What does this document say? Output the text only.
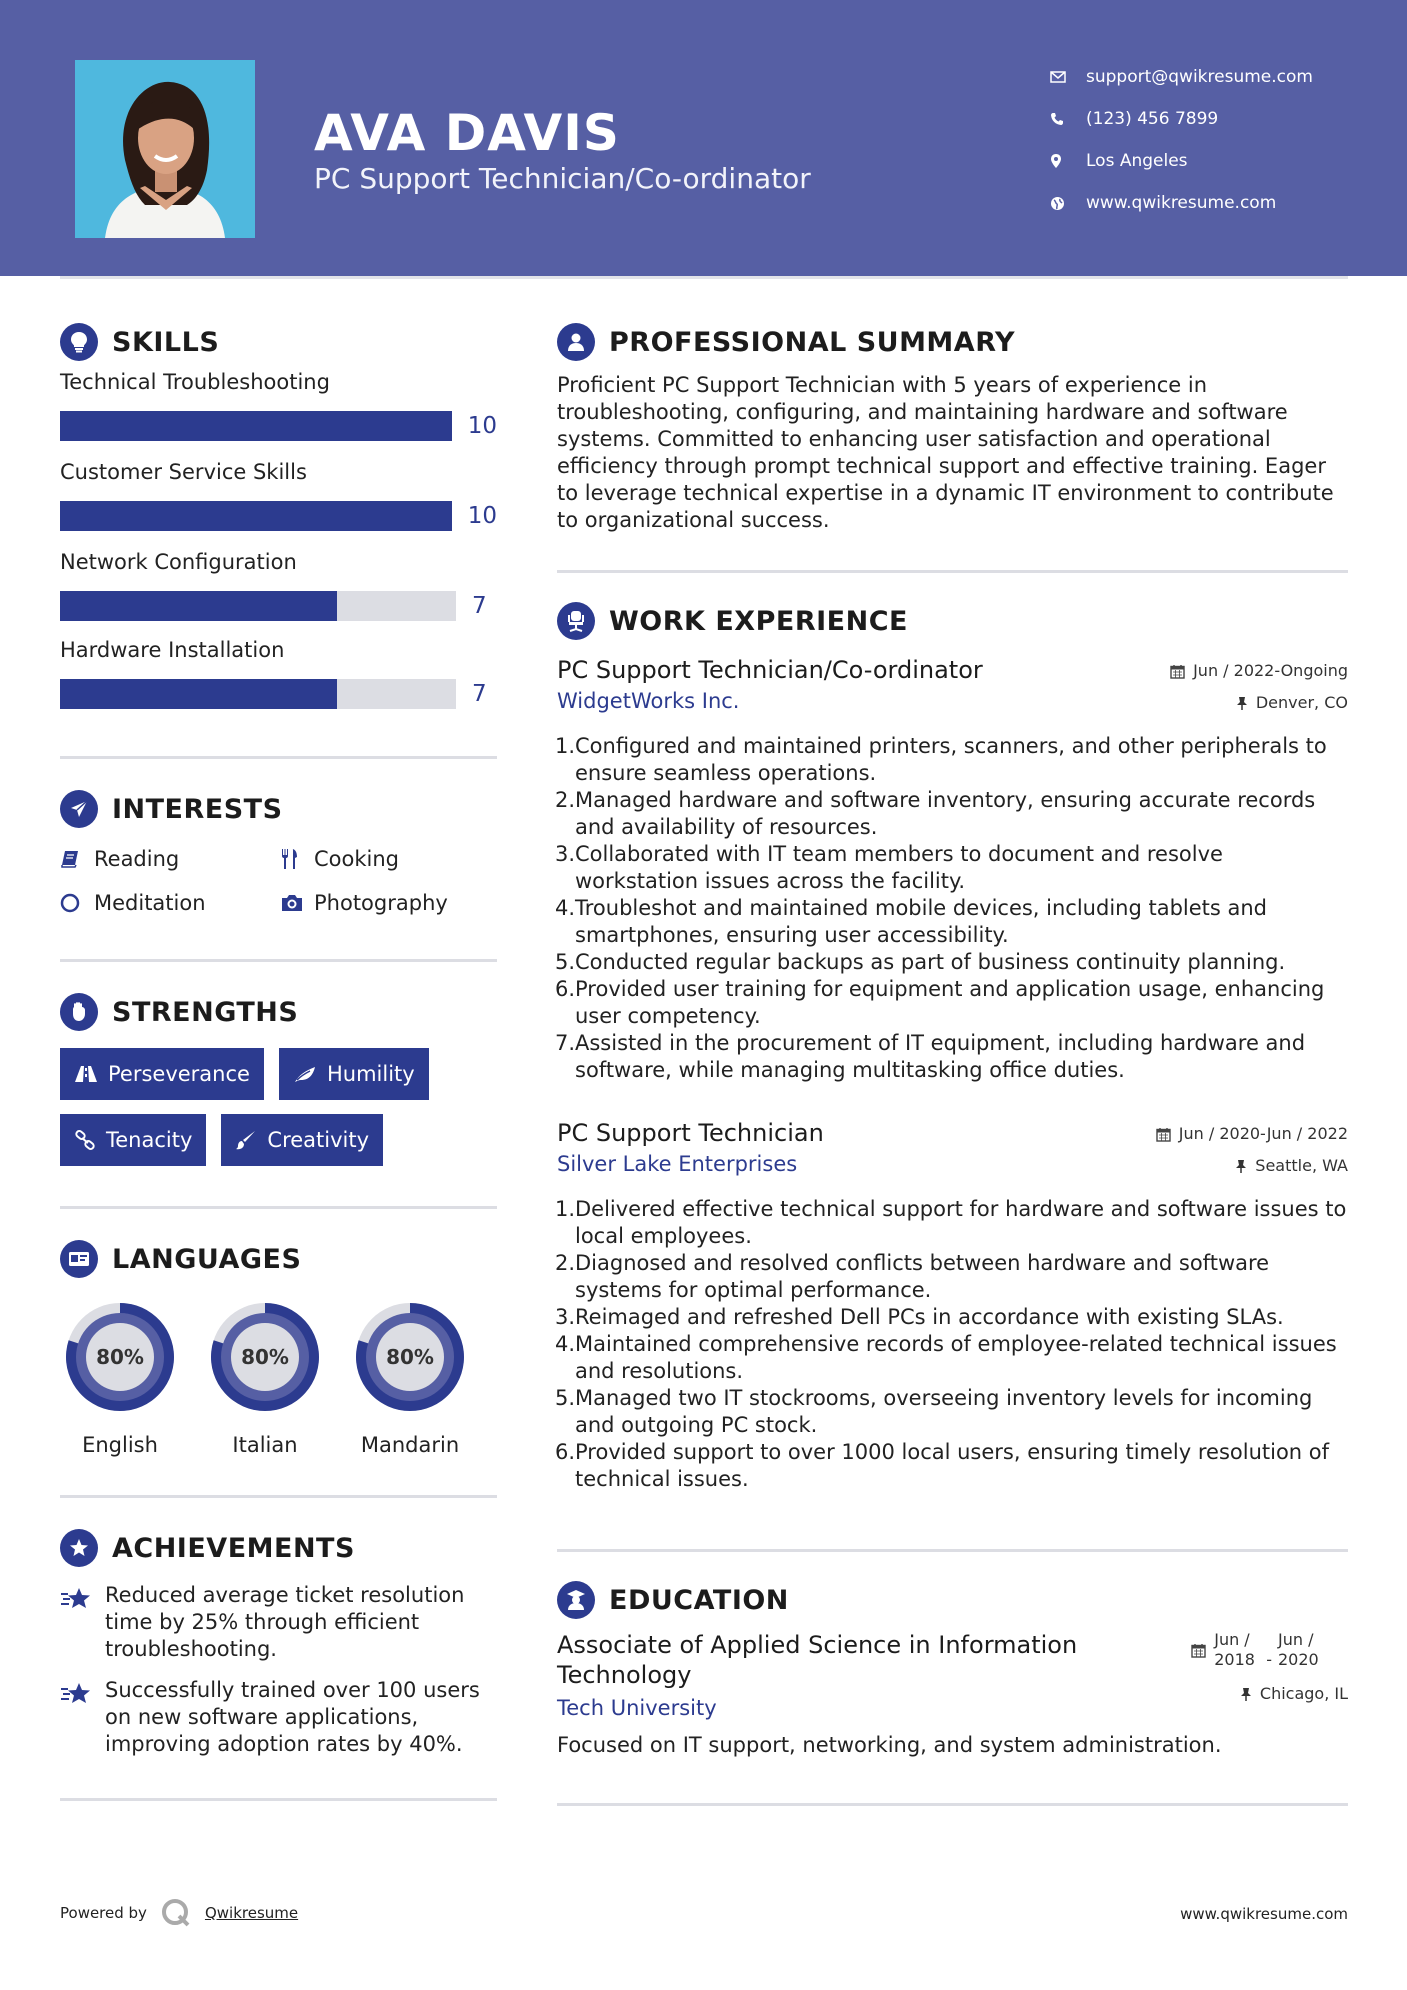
AVA DAVIS
PC Support Technician/Co-ordinator
support@qwikresume.com
(123) 456 7899
Los Angeles
www.qwikresume.com
SKILLS
Technical Troubleshooting
10
Customer Service Skills
10
Network Configuration
7
Hardware Installation
7
INTERESTS
Reading	Cooking
Meditation	Photography
STRENGTHS
Perseverance	Humility
Tenacity	Creativity
LANGUAGES
80%
English
80%
Italian
80%
Mandarin
ACHIEVEMENTS
Reduced average ticket resolution time by 25% through efficient troubleshooting.
Successfully trained over 100 users on new software applications, improving adoption rates by 40%.
PROFESSIONAL SUMMARY

Proficient PC Support Technician with 5 years of experience in troubleshooting, configuring, and maintaining hardware and software systems. Committed to enhancing user satisfaction and operational efficiency through prompt technical support and effective training. Eager to leverage technical expertise in a dynamic IT environment to contribute to organizational success.

WORK EXPERIENCE
PC Support Technician/Co-ordinator
WidgetWorks Inc.
Jun / 2022-Ongoing
Denver, CO
1. Configured and maintained printers, scanners, and other peripherals to ensure seamless operations.
2. Managed hardware and software inventory, ensuring accurate records and availability of resources.
3. Collaborated with IT team members to document and resolve workstation issues across the facility.
4. Troubleshot and maintained mobile devices, including tablets and smartphones, ensuring user accessibility.
5. Conducted regular backups as part of business continuity planning.
6. Provided user training for equipment and application usage, enhancing user competency.
7. Assisted in the procurement of IT equipment, including hardware and software, while managing multitasking office duties.
PC Support Technician
Silver Lake Enterprises
Jun / 2020-Jun / 2022
Seattle, WA
1. Delivered effective technical support for hardware and software issues to local employees.
2. Diagnosed and resolved conflicts between hardware and software systems for optimal performance.
3. Reimaged and refreshed Dell PCs in accordance with existing SLAs.
4. Maintained comprehensive records of employee-related technical issues and resolutions.
5. Managed two IT stockrooms, overseeing inventory levels for incoming and outgoing PC stock.
6. Provided support to over 1000 local users, ensuring timely resolution of technical issues.
EDUCATION
Associate of Applied Science in Information Technology
Tech University
Jun / 2018 -
Jun / 2020
Chicago, IL

Focused on IT support, networking, and system administration.

Powered by	Qwikresume	www.qwikresume.com
